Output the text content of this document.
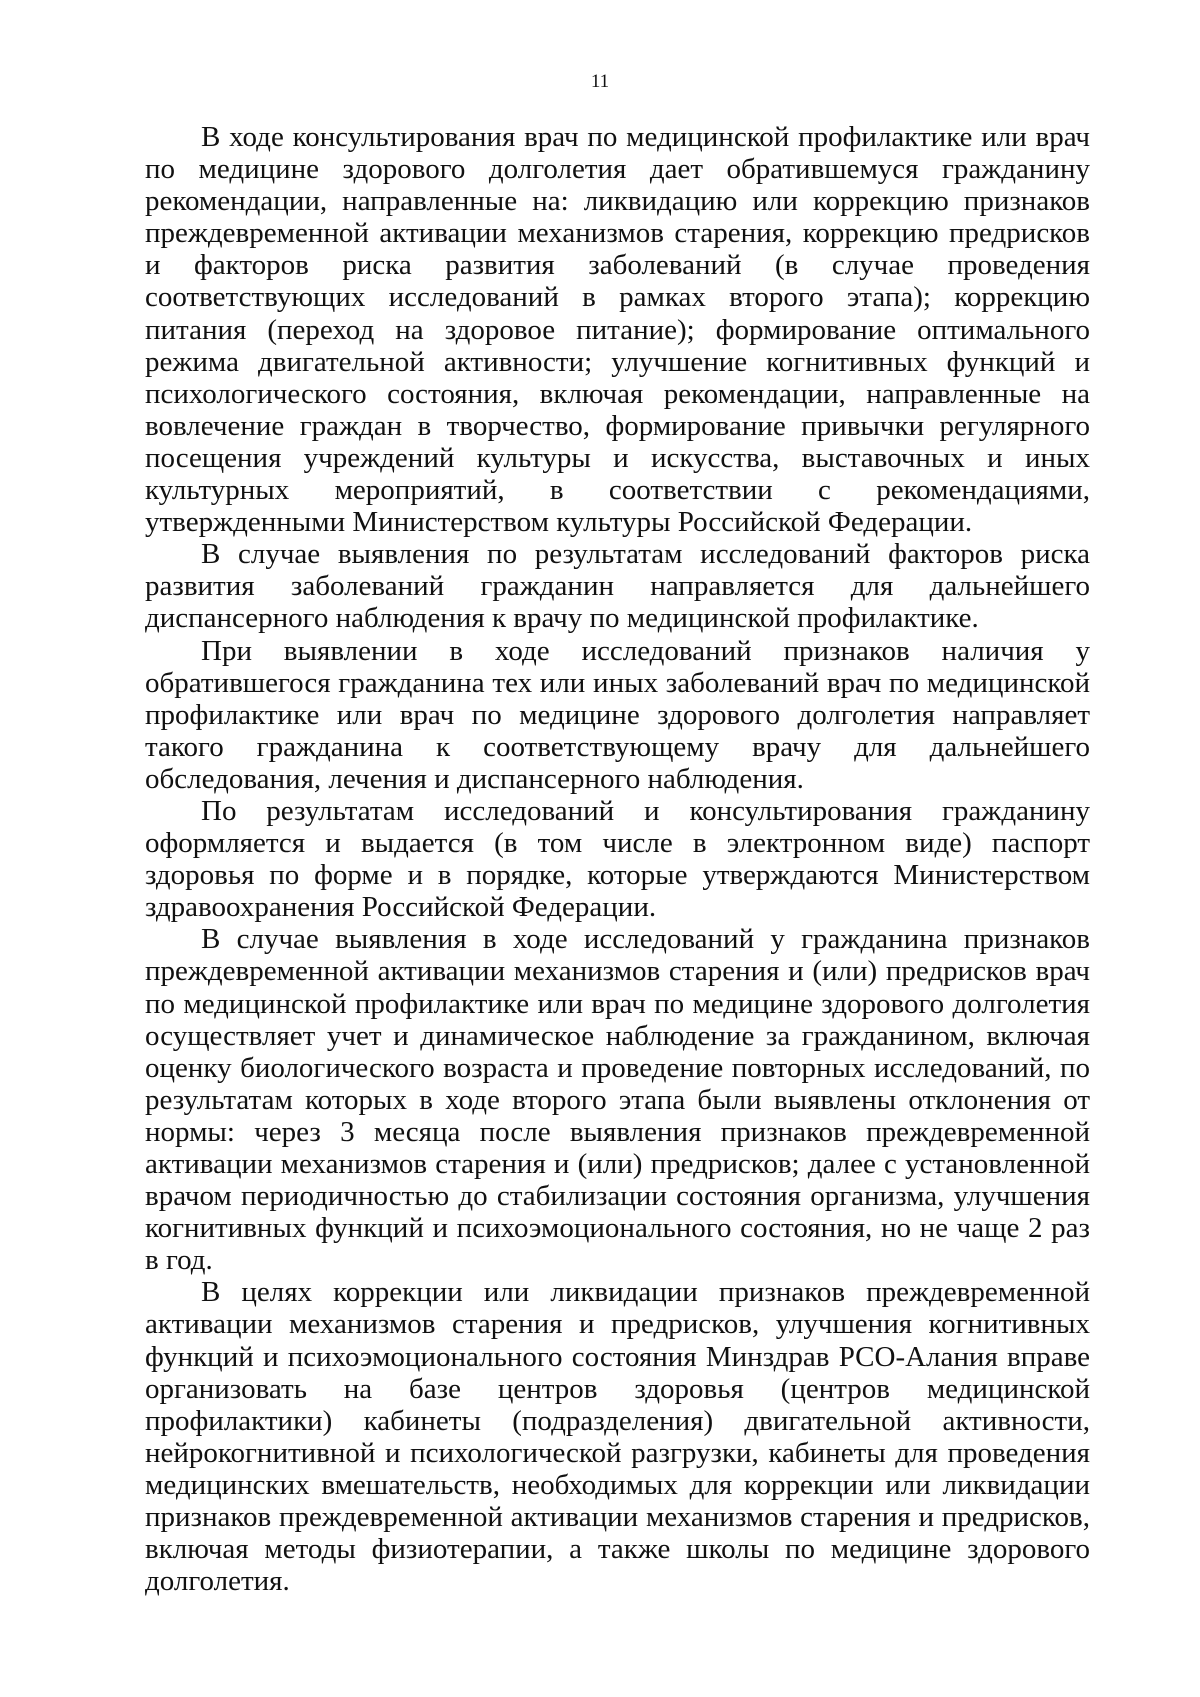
11

В ходе консультирования врач по медицинской профилактике или врач по медицине здорового долголетия дает обратившемуся гражданину рекомендации, направленные на: ликвидацию или коррекцию признаков преждевременной активации механизмов старения, коррекцию предрисков и факторов риска развития заболеваний (в случае проведения соответствующих исследований в рамках второго этапа); коррекцию питания (переход на здоровое питание); формирование оптимального режима двигательной активности; улучшение когнитивных функций и психологического состояния, включая рекомендации, направленные на вовлечение граждан в творчество, формирование привычки регулярного посещения учреждений культуры и искусства, выставочных и иных культурных мероприятий, в соответствии с рекомендациями, утвержденными Министерством культуры Российской Федерации.

В случае выявления по результатам исследований факторов риска развития заболеваний гражданин направляется для дальнейшего диспансерного наблюдения к врачу по медицинской профилактике.

При выявлении в ходе исследований признаков наличия у обратившегося гражданина тех или иных заболеваний врач по медицинской профилактике или врач по медицине здорового долголетия направляет такого гражданина к соответствующему врачу для дальнейшего обследования, лечения и диспансерного наблюдения.

По результатам исследований и консультирования гражданину оформляется и выдается (в том числе в электронном виде) паспорт здоровья по форме и в порядке, которые утверждаются Министерством здравоохранения Российской Федерации.

В случае выявления в ходе исследований у гражданина признаков преждевременной активации механизмов старения и (или) предрисков врач по медицинской профилактике или врач по медицине здорового долголетия осуществляет учет и динамическое наблюдение за гражданином, включая оценку биологического возраста и проведение повторных исследований, по результатам которых в ходе второго этапа были выявлены отклонения от нормы: через 3 месяца после выявления признаков преждевременной активации механизмов старения и (или) предрисков; далее с установленной врачом периодичностью до стабилизации состояния организма, улучшения когнитивных функций и психоэмоционального состояния, но не чаще 2 раз в год.

В целях коррекции или ликвидации признаков преждевременной активации механизмов старения и предрисков, улучшения когнитивных функций и психоэмоционального состояния Минздрав РСО-Алания вправе организовать на базе центров здоровья (центров медицинской профилактики) кабинеты (подразделения) двигательной активности, нейрокогнитивной и психологической разгрузки, кабинеты для проведения медицинских вмешательств, необходимых для коррекции или ликвидации признаков преждевременной активации механизмов старения и предрисков, включая методы физиотерапии, а также школы по медицине здорового долголетия.
